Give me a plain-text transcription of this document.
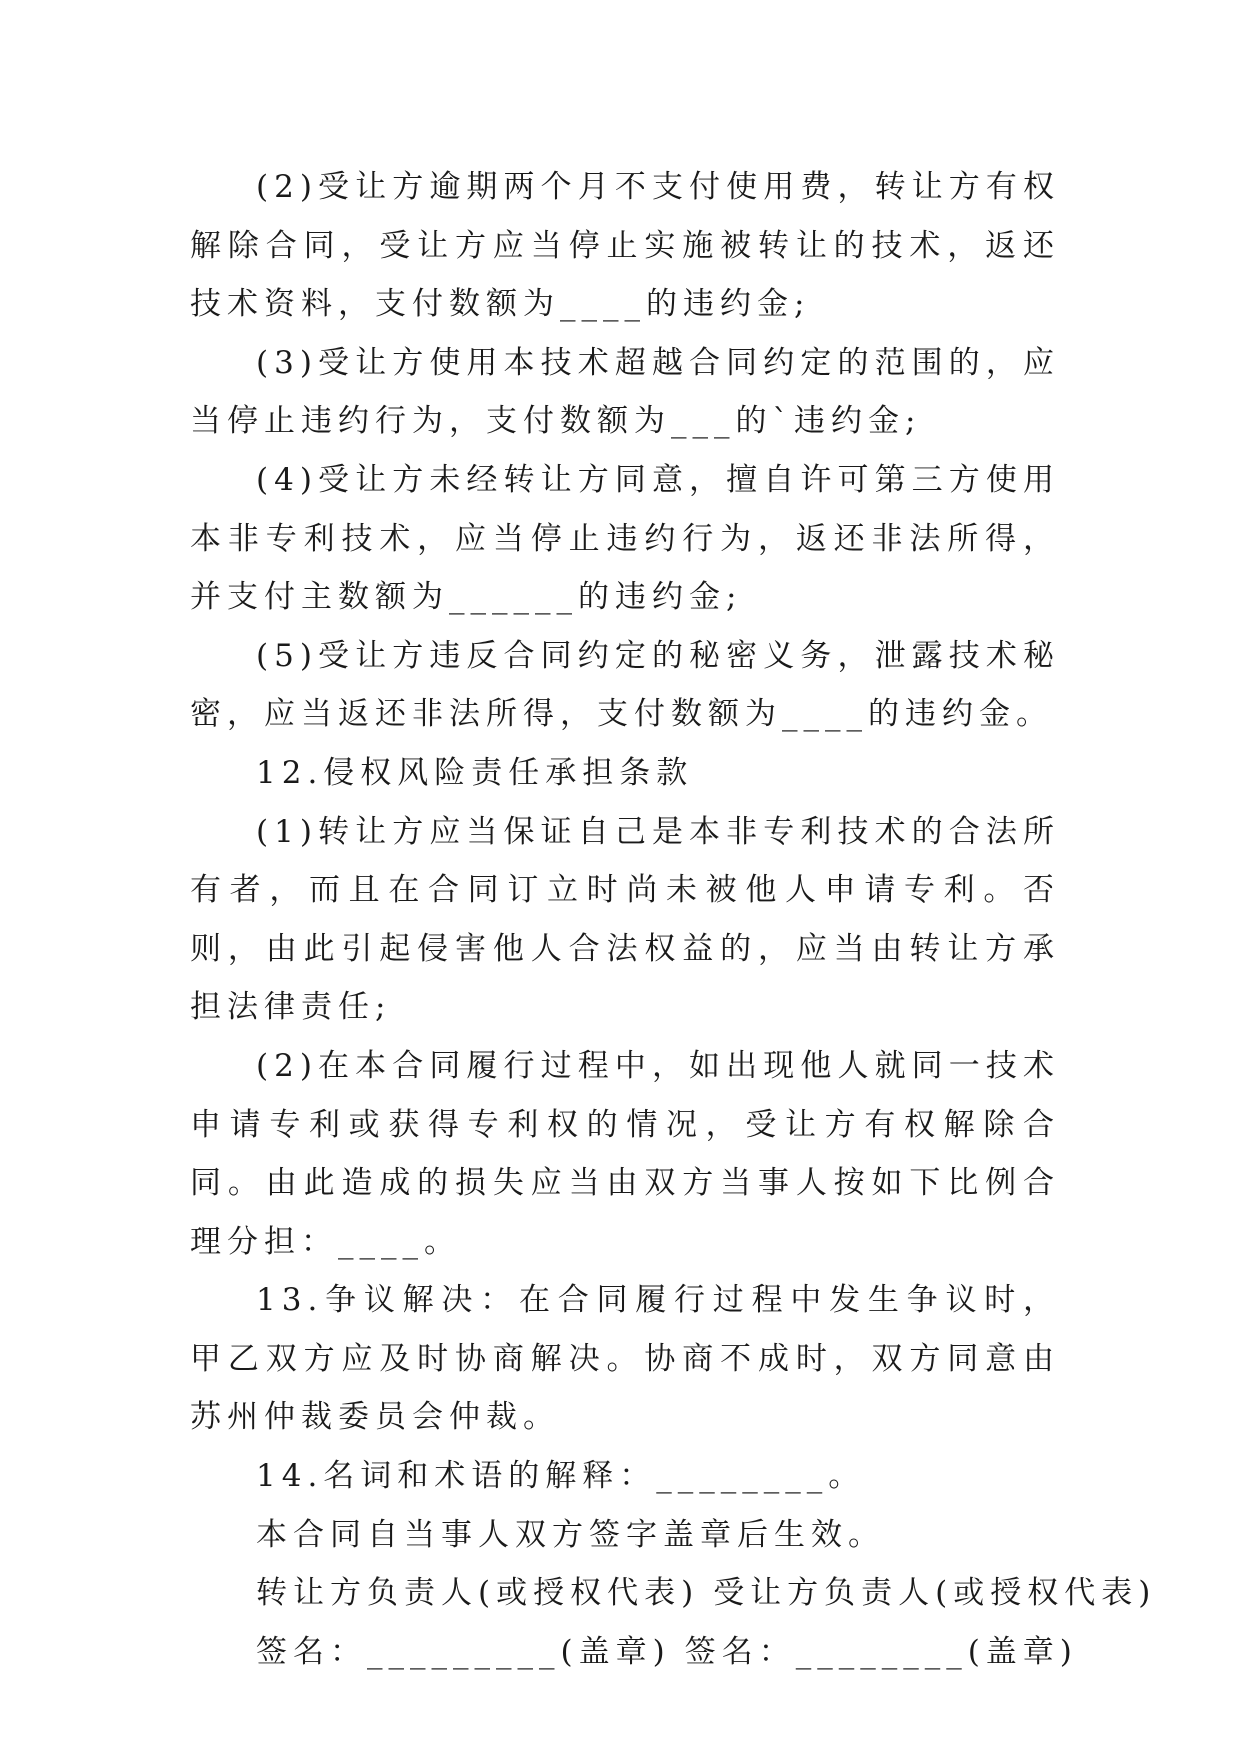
(2)受让方逾期两个月不支付使用费，转让方有权解除合同，受让方应当停止实施被转让的技术，返还技术资料，支付数额为____的违约金;

(3)受让方使用本技术超越合同约定的范围的，应当停止违约行为，支付数额为___的`违约金;

(4)受让方未经转让方同意，擅自许可第三方使用本非专利技术，应当停止违约行为，返还非法所得，并支付主数额为______的违约金;

(5)受让方违反合同约定的秘密义务，泄露技术秘密，应当返还非法所得，支付数额为____的违约金。

12.侵权风险责任承担条款

(1)转让方应当保证自己是本非专利技术的合法所有者，而且在合同订立时尚未被他人申请专利。否则，由此引起侵害他人合法权益的，应当由转让方承担法律责任;

(2)在本合同履行过程中，如出现他人就同一技术申请专利或获得专利权的情况，受让方有权解除合同。由此造成的损失应当由双方当事人按如下比例合理分担：____。

13.争议解决：在合同履行过程中发生争议时，甲乙双方应及时协商解决。协商不成时，双方同意由苏州仲裁委员会仲裁。

14.名词和术语的解释：________。

本合同自当事人双方签字盖章后生效。

转让方负责人(或授权代表) 受让方负责人(或授权代表)

签名：_________(盖章) 签名：________(盖章)
